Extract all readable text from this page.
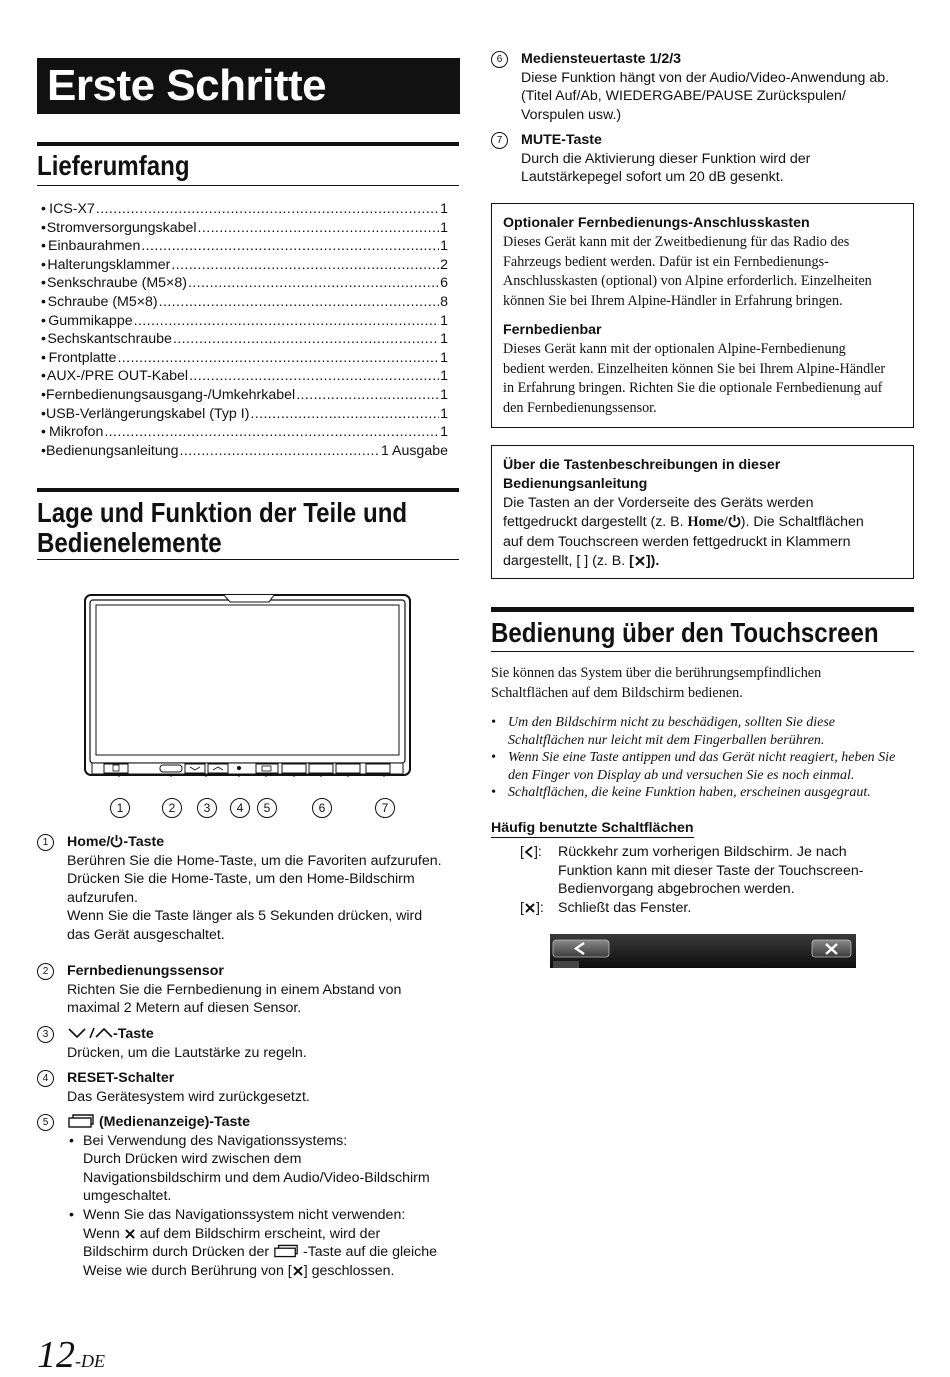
Erste Schritte
Lieferumfang
• ICS-X7 .....	1
• Stromversorgungskabel .....	1
• Einbaurahmen .....	1
• Halterungsklammer .....	2
• Senkschraube (M5×8) .....	6
• Schraube (M5×8) .....	8
• Gummikappe .....	1
• Sechskantschraube .....	1
• Frontplatte .....	1
• AUX-/PRE OUT-Kabel .....	1
• Fernbedienungsausgang-/Umkehrkabel .....	1
• USB-Verlängerungskabel (Typ I) .....	1
• Mikrofon .....	1
• Bedienungsanleitung .....	1 Ausgabe
Lage und Funktion der Teile und
Bedienelemente
1	2	3	4	5	6	7
1	Home/ -Taste
Berühren Sie die Home-Taste, um die Favoriten aufzurufen.
Drücken Sie die Home-Taste, um den Home-Bildschirm
aufzurufen.
Wenn Sie die Taste länger als 5 Sekunden drücken, wird
das Gerät ausgeschaltet.
2	Fernbedienungssensor
Richten Sie die Fernbedienung in einem Abstand von
maximal 2 Metern auf diesen Sensor.
3	-Taste
Drücken, um die Lautstärke zu regeln.
4	RESET-Schalter
Das Gerätesystem wird zurückgesetzt.
5	(Medienanzeige)-Taste
• Bei Verwendung des Navigationssystems:
Durch Drücken wird zwischen dem
Navigationsbildschirm und dem Audio/Video-Bildschirm
umgeschaltet.
• Wenn Sie das Navigationssystem nicht verwenden:
Wenn  auf dem Bildschirm erscheint, wird der
Bildschirm durch Drücken der  -Taste auf die gleiche
Weise wie durch Berührung von [ ] geschlossen.
6	Mediensteuertaste 1/2/3
Diese Funktion hängt von der Audio/Video-Anwendung ab.
(Titel Auf/Ab, WIEDERGABE/PAUSE Zurückspulen/
Vorspulen usw.)
7	MUTE-Taste
Durch die Aktivierung dieser Funktion wird der
Lautstärkepegel sofort um 20 dB gesenkt.
Optionaler Fernbedienungs-Anschlusskasten
Dieses Gerät kann mit der Zweitbedienung für das Radio des
Fahrzeugs bedient werden. Dafür ist ein Fernbedienungs-
Anschlusskasten (optional) von Alpine erforderlich. Einzelheiten
können Sie bei Ihrem Alpine-Händler in Erfahrung bringen.
Fernbedienbar
Dieses Gerät kann mit der optionalen Alpine-Fernbedienung
bedient werden. Einzelheiten können Sie bei Ihrem Alpine-Händler
in Erfahrung bringen. Richten Sie die optionale Fernbedienung auf
den Fernbedienungssensor.
Über die Tastenbeschreibungen in dieser
Bedienungsanleitung
Die Tasten an der Vorderseite des Geräts werden
fettgedruckt dargestellt (z. B. Home/ ). Die Schaltflächen
auf dem Touchscreen werden fettgedruckt in Klammern
dargestellt, [ ] (z. B. [ ]).
Bedienung über den Touchscreen
Sie können das System über die berührungsempfindlichen
Schaltflächen auf dem Bildschirm bedienen.
• Um den Bildschirm nicht zu beschädigen, sollten Sie diese
Schaltflächen nur leicht mit dem Fingerballen berühren.
• Wenn Sie eine Taste antippen und das Gerät nicht reagiert, heben Sie
den Finger von Display ab und versuchen Sie es noch einmal.
• Schaltflächen, die keine Funktion haben, erscheinen ausgegraut.
Häufig benutzte Schaltflächen
[ ]: Rückkehr zum vorherigen Bildschirm. Je nach
Funktion kann mit dieser Taste der Touchscreen-
Bedienvorgang abgebrochen werden.
[ ]: Schließt das Fenster.
12-DE
